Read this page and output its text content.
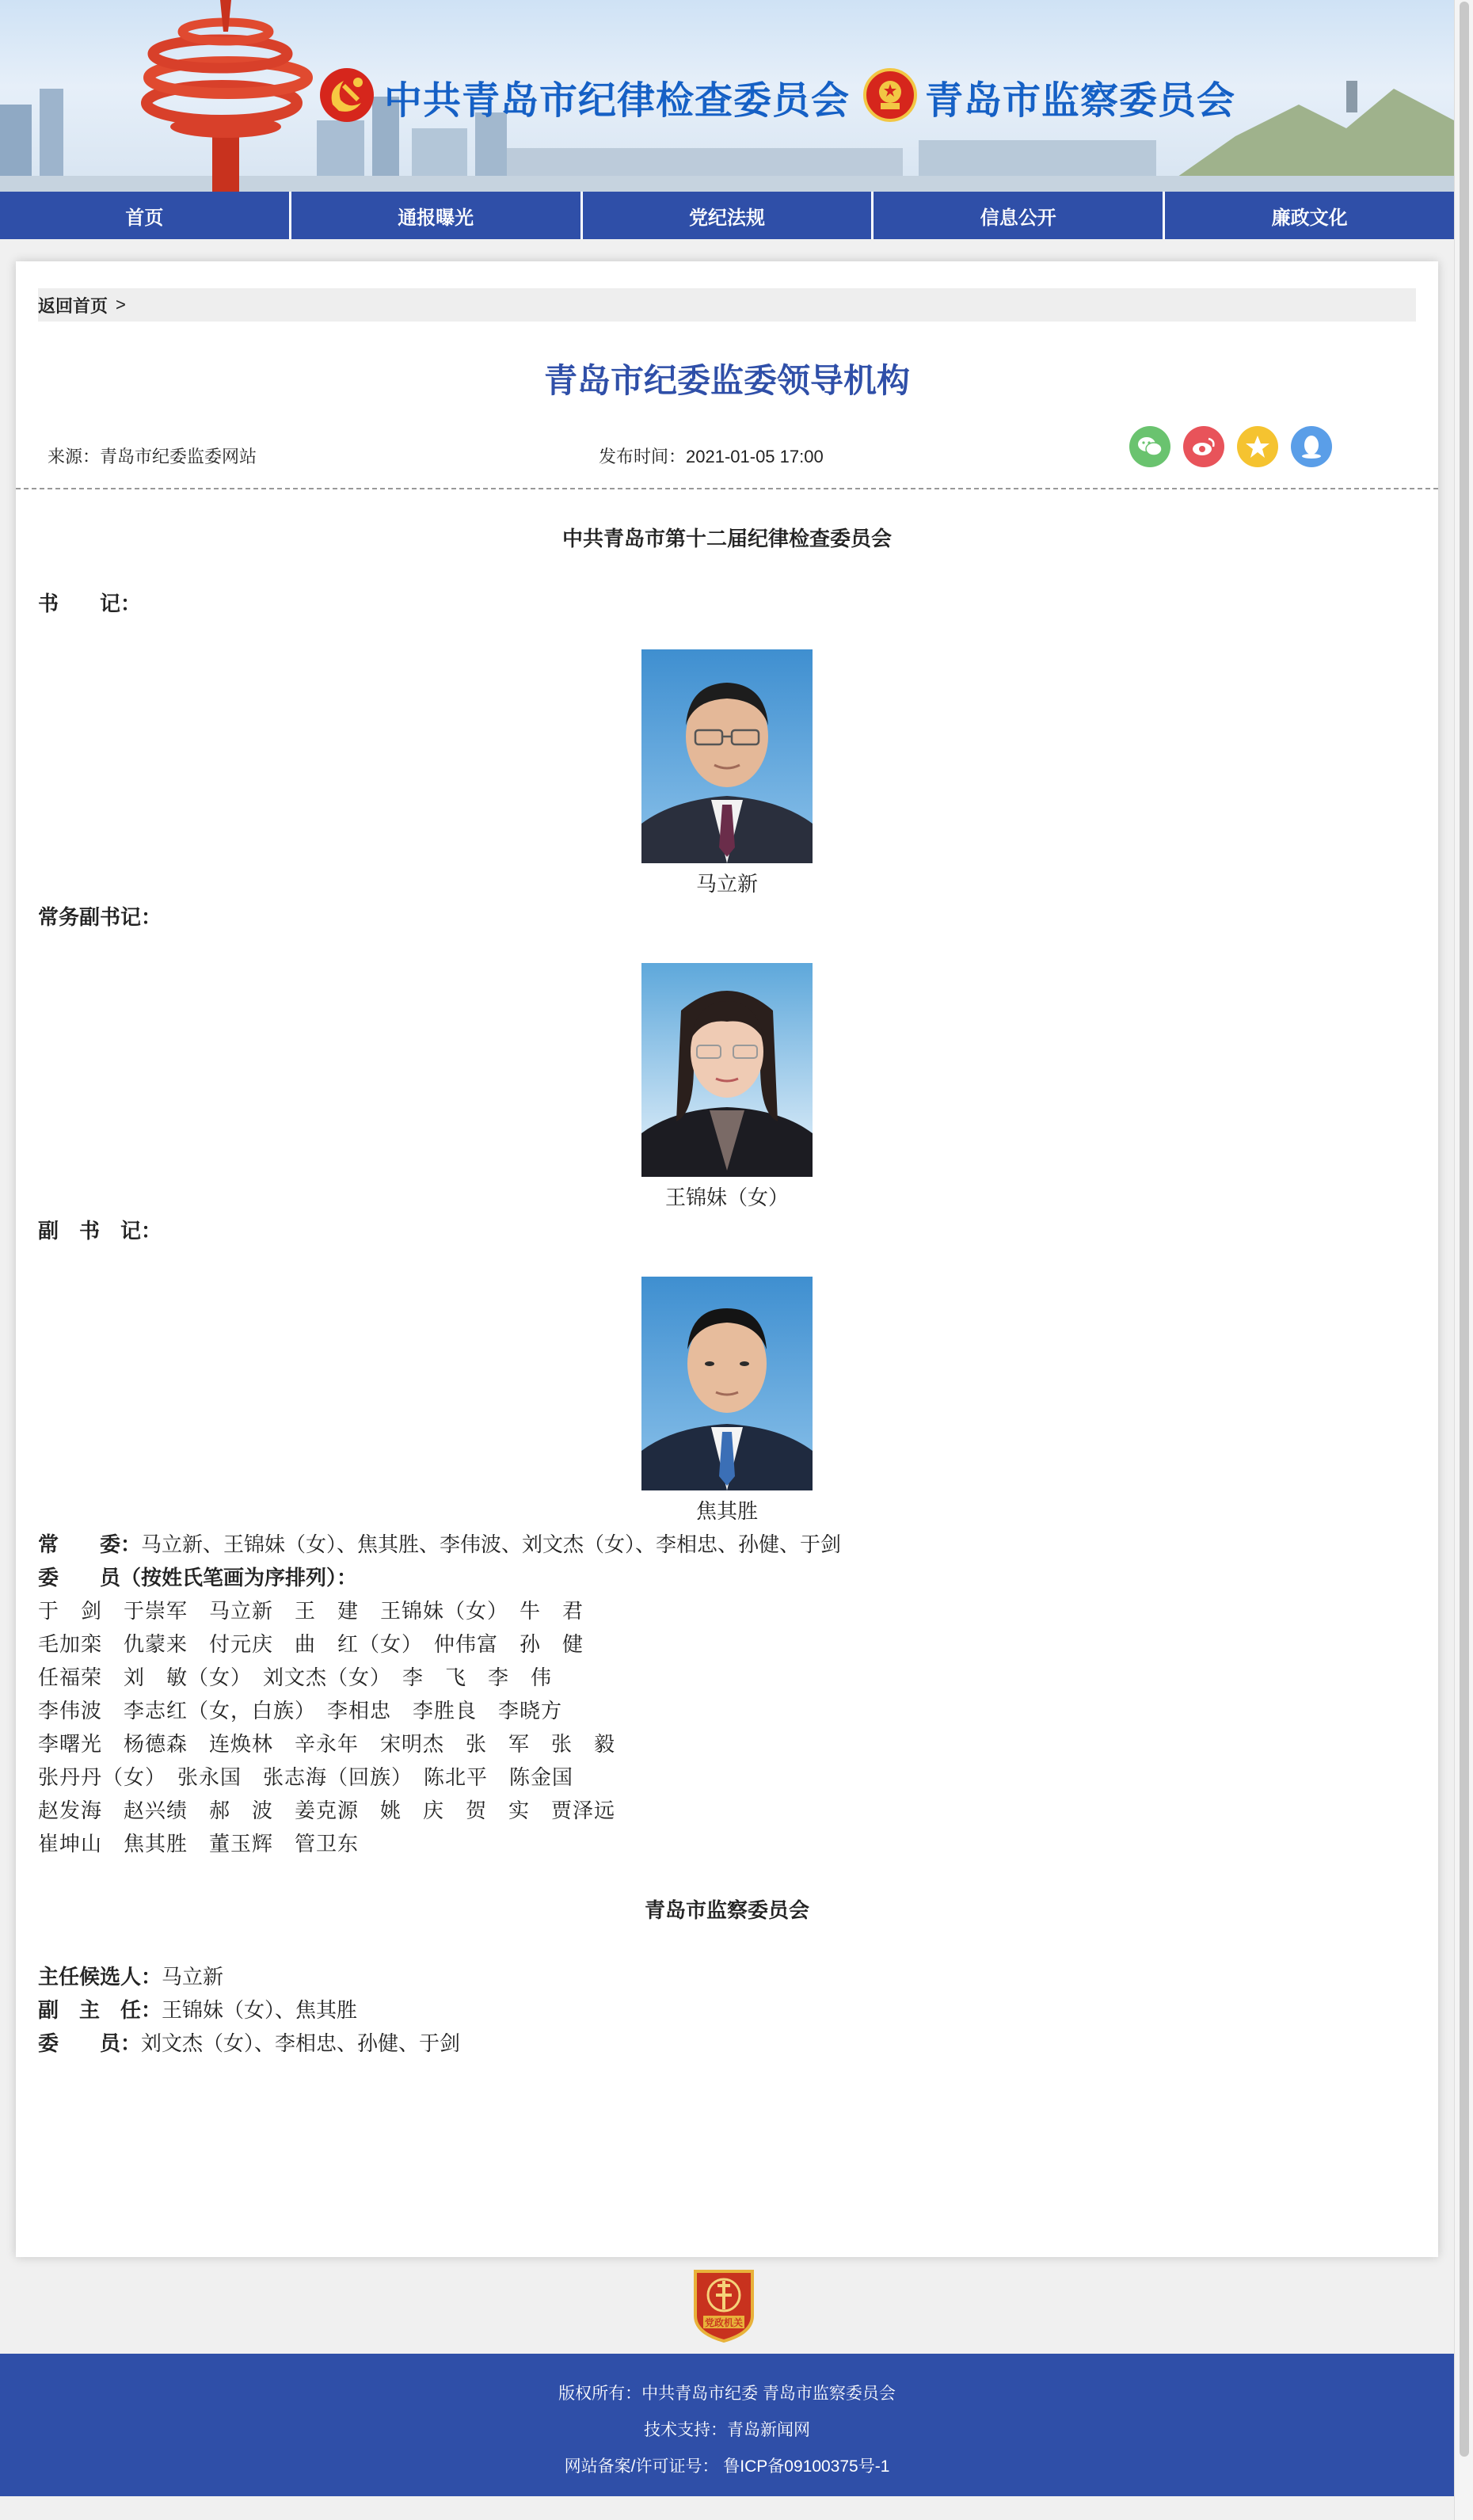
中共青岛市纪律检查委员会 青岛市监察委员会
首页	通报曝光	党纪法规	信息公开	廉政文化
返回首页 >
青岛市纪委监委领导机构
来源：青岛市纪委监委网站	发布时间：2021-01-05 17:00
中共青岛市第十二届纪律检查委员会
书　　记：
马立新
常务副书记：
王锦妹（女）
副　书　记：
焦其胜
常　　委：马立新、王锦妹（女）、焦其胜、李伟波、刘文杰（女）、李相忠、孙健、于剑
委　　员（按姓氏笔画为序排列）：
于　剑　于崇军　马立新　王　建　王锦妹（女）　牛　君
毛加栾　仇蒙来　付元庆　曲　红（女）　仲伟富　孙　健
任福荣　刘　敏（女）　刘文杰（女）　李　飞　李　伟
李伟波　李志红（女，白族）　李相忠　李胜良　李晓方
李曙光　杨德森　连焕林　辛永年　宋明杰　张　军　张　毅
张丹丹（女）　张永国　张志海（回族）　陈北平　陈金国
赵发海　赵兴绩　郝　波　姜克源　姚　庆　贺　实　贾泽远
崔坤山　焦其胜　董玉辉　管卫东
青岛市监察委员会
主任候选人：马立新
副　主　任：王锦妹（女）、焦其胜
委　　员：刘文杰（女）、李相忠、孙健、于剑
党政机关
版权所有：中共青岛市纪委 青岛市监察委员会
技术支持：青岛新闻网
网站备案/许可证号： 鲁ICP备09100375号-1
